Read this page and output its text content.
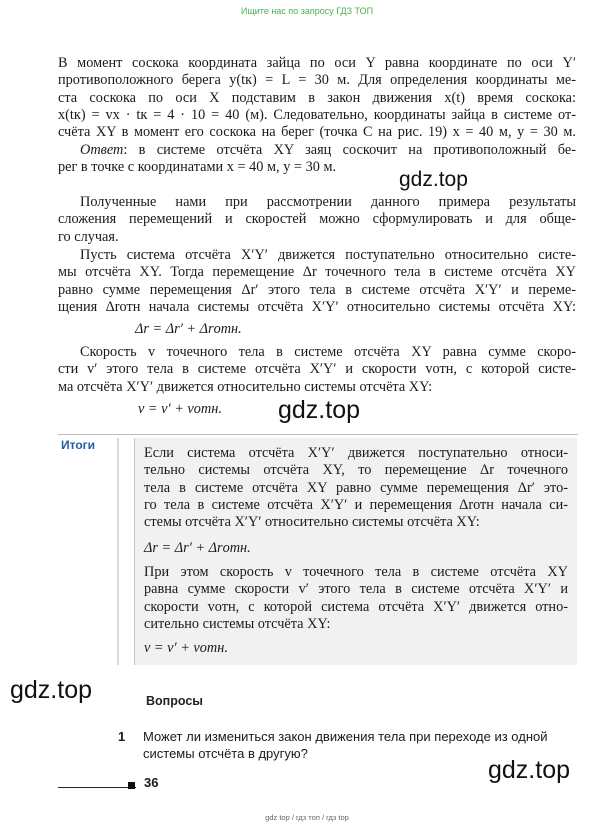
Ищите нас по запросу ГДЗ ТОП

В момент соскока координата зайца по оси Y равна координате по оси Y′

противоположного берега y(tк) = L = 30 м. Для определения координаты ме-

ста соскока по оси X подставим в закон движения x(t) время соскока:

x(tк) = vx · tк = 4 · 10 = 40 (м). Следовательно, координаты зайца в системе от-

счёта XY в момент его соскока на берег (точка C на рис. 19) x = 40 м, y = 30 м.

Ответ: в системе отсчёта XY заяц соскочит на противоположный бе-

рег в точке с координатами x = 40 м, y = 30 м.

Полученные нами при рассмотрении данного примера результаты

сложения перемещений и скоростей можно сформулировать и для обще-

го случая.

Пусть система отсчёта X′Y′ движется поступательно относительно систе-

мы отсчёта XY. Тогда перемещение Δr точечного тела в системе отсчёта XY

равно сумме перемещения Δr′ этого тела в системе отсчёта X′Y′ и переме-

щения Δrотн начала системы отсчёта X′Y′ относительно системы отсчёта XY:

Δr = Δr′ + Δrотн.

Скорость v точечного тела в системе отсчёта XY равна сумме скоро-

сти v′ этого тела в системе отсчёта X′Y′ и скорости vотн, с которой систе-

ма отсчёта X′Y′ движется относительно системы отсчёта XY:

v = v′ + vотн.
Итоги	Если система отсчёта X′Y′ движется поступательно относи-

тельно системы отсчёта XY, то перемещение Δr точечного

тела в системе отсчёта XY равно сумме перемещения Δr′ это-

го тела в системе отсчёта X′Y′ и перемещения Δrотн начала си-

стемы отсчёта X′Y′ относительно системы отсчёта XY:

Δr = Δr′ + Δrотн.

При этом скорость v точечного тела в системе отсчёта XY

равна сумме скорости v′ этого тела в системе отсчёта X′Y′ и

скорости vотн, с которой система отсчёта X′Y′ движется отно-

сительно системы отсчёта XY:

v = v′ + vотн.
Вопросы
1 Может ли измениться закон движения тела при переходе из одной системы отсчёта в другую?
36
gdz.top
gdz.top
gdz.top
gdz.top
gdz top / гдз топ / гдз top
